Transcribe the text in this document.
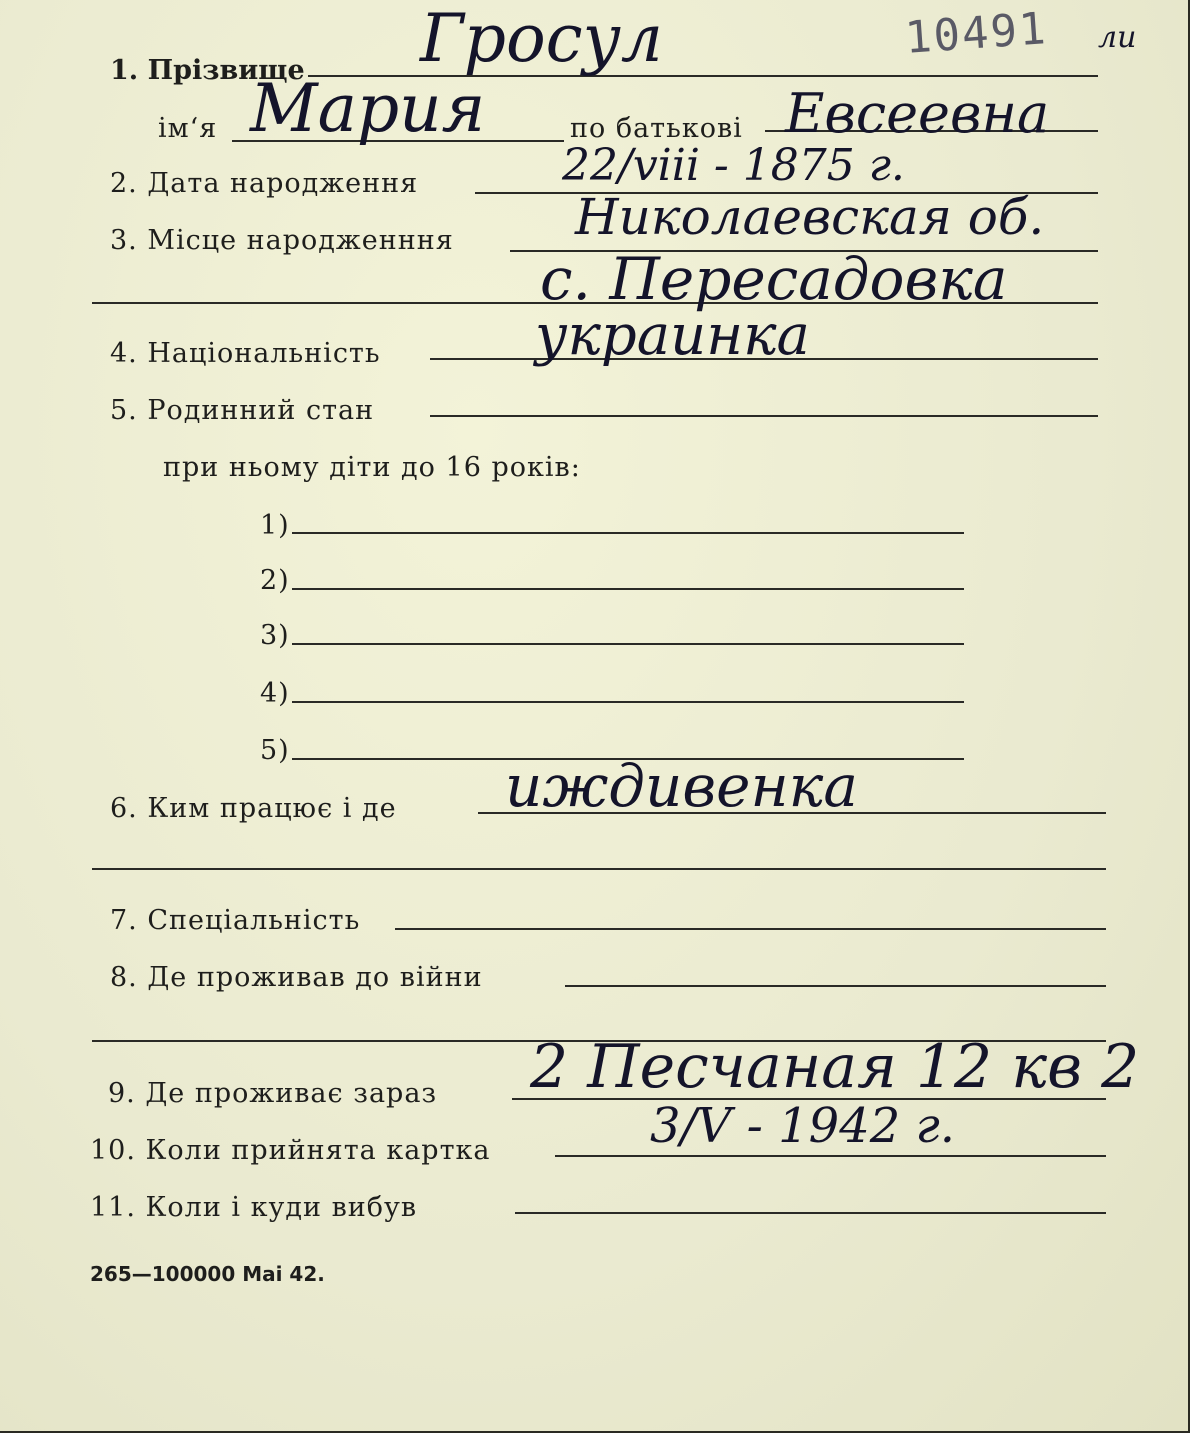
10491 ли
1. Прізвище Гросул
ім‘я Мария	по батькові Евсеевна
2. Дата народження	22/viii - 1875 г.
3. Місце народженння Николаевская об.
с. Пересадовка
4. Національність	украинка
5. Родинний стан
при ньому діти до 16 років:
1)
2)
3)
4)
5)
6. Ким працює і де иждивенка
7. Спеціальність
8. Де проживав до війни
9. Де проживає зараз 2 Песчаная 12 кв 2
10. Коли прийнята картка	3/V - 1942 г.
11. Коли і куди вибув
265—100000 Mai 42.
